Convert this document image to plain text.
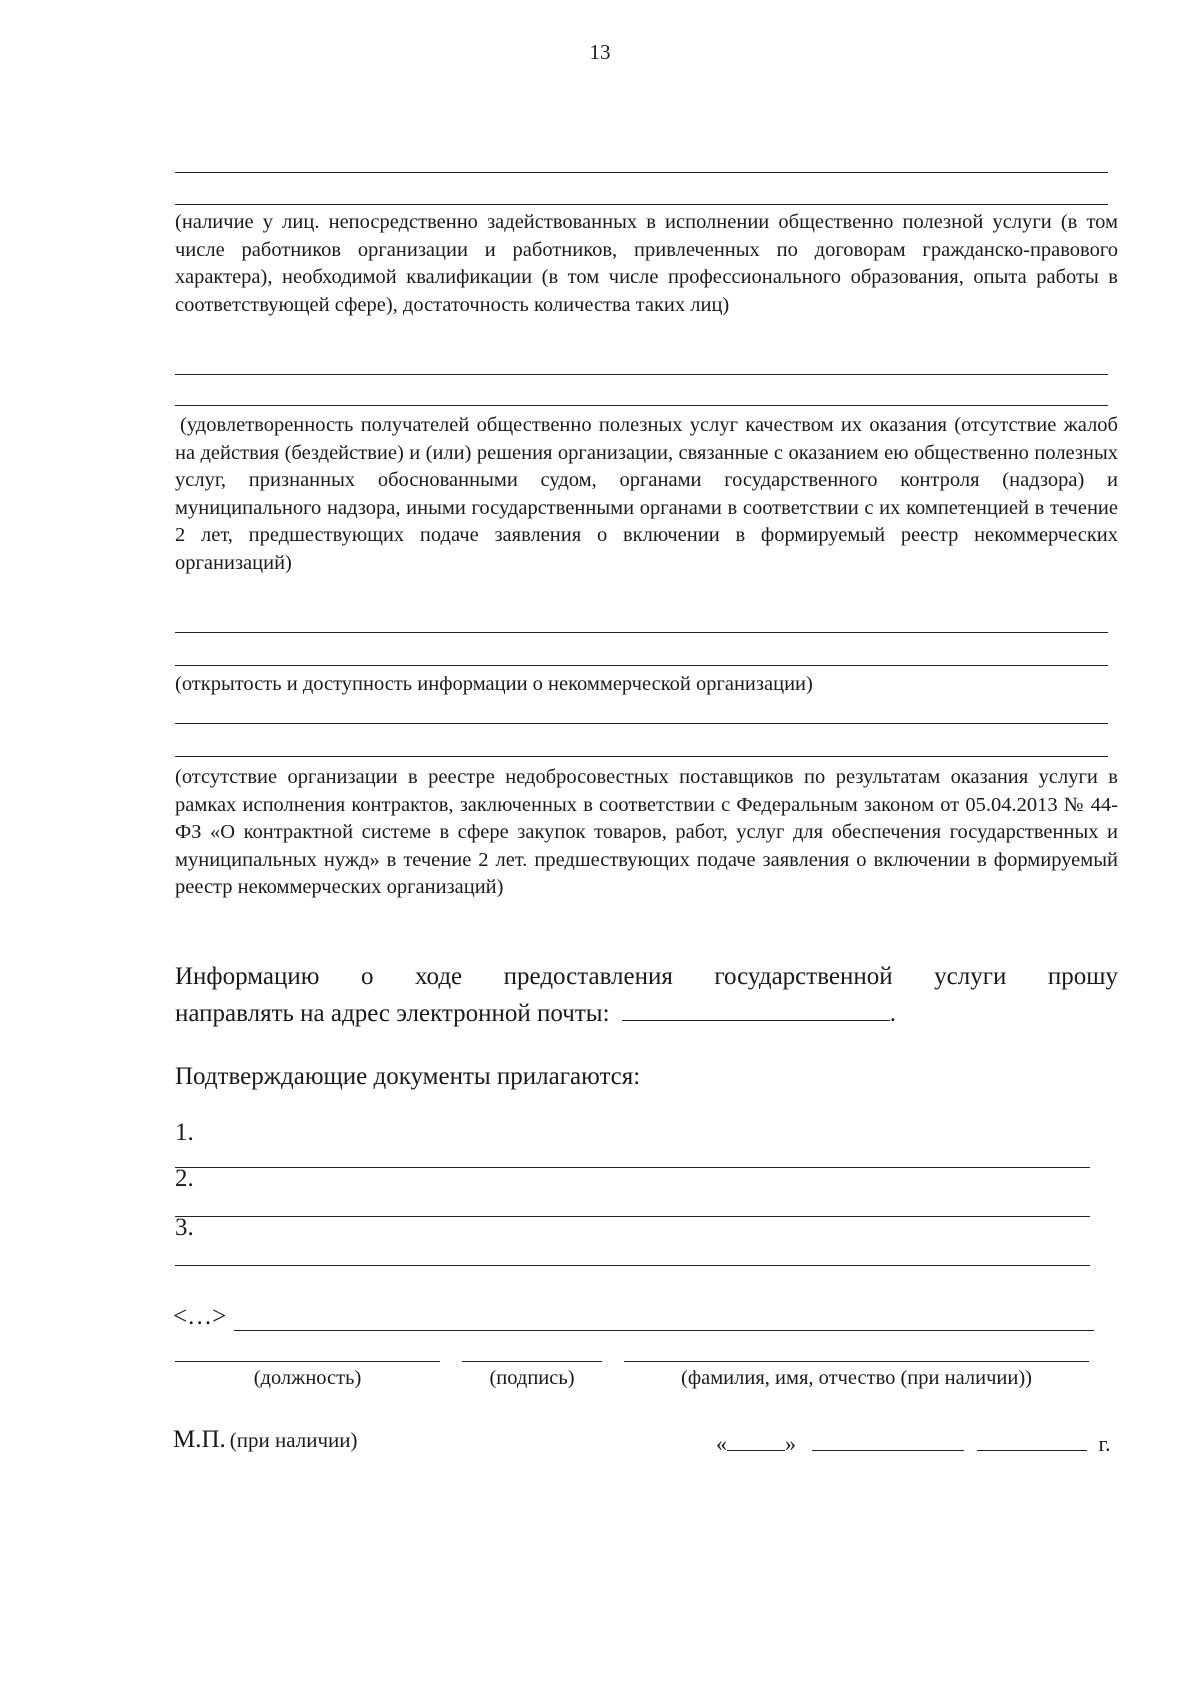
13
(наличие у лиц. непосредственно задействованных в исполнении общественно полезной услуги (в том числе работников организации и работников, привлеченных по договорам гражданско-правового характера), необходимой квалификации (в том числе профессионального образования, опыта работы в соответствующей сфере), достаточность количества таких лиц)
(удовлетворенность получателей общественно полезных услуг качеством их оказания (отсутствие жалоб на действия (бездействие) и (или) решения организации, связанные с оказанием ею общественно полезных услуг, признанных обоснованными судом, органами государственного контроля (надзора) и муниципального надзора, иными государственными органами в соответствии с их компетенцией в течение 2 лет, предшествующих подаче заявления о включении в формируемый реестр некоммерческих организаций)
(открытость и доступность информации о некоммерческой организации)
(отсутствие организации в реестре недобросовестных поставщиков по результатам оказания услуги в рамках исполнения контрактов, заключенных в соответствии с Федеральным законом от 05.04.2013 № 44-ФЗ «О контрактной системе в сфере закупок товаров, работ, услуг для обеспечения государственных и муниципальных нужд» в течение 2 лет. предшествующих подаче заявления о включении в формируемый реестр некоммерческих организаций)
Информацию о ходе предоставления государственной услуги прошу
направлять на адрес электронной почты:	.
Подтверждающие документы прилагаются:
1.
2.
3.
<…>
(должность)	(подпись)	(фамилия, имя, отчество (при наличии))
М.П. (при наличии)	«	»	г.
